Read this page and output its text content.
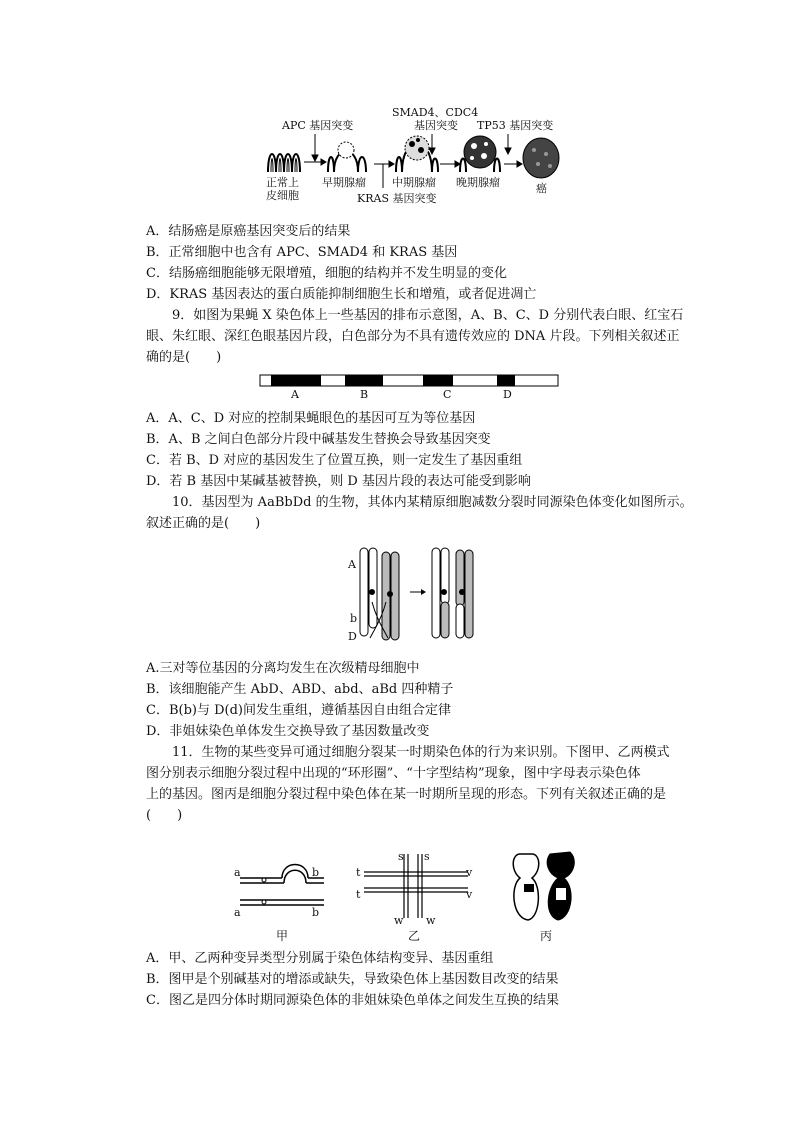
APC 基因突变
SMAD4、CDC4
基因突变 TP53 基因突变
正常上
皮细胞
早期腺瘤 中期腺瘤 晚期腺瘤	癌
KRAS 基因突变
A．结肠癌是原癌基因突变后的结果
B．正常细胞中也含有 APC、SMAD4 和 KRAS 基因
C．结肠癌细胞能够无限增殖，细胞的结构并不发生明显的变化
D．KRAS 基因表达的蛋白质能抑制细胞生长和增殖，或者促进凋亡
9．如图为果蝇 X 染色体上一些基因的排布示意图，A、B、C、D 分别代表白眼、红宝石
眼、朱红眼、深红色眼基因片段，白色部分为不具有遗传效应的 DNA 片段。下列相关叙述正
确的是(　　)
A	B	C	D
A．A、C、D 对应的控制果蝇眼色的基因可互为等位基因
B．A、B 之间白色部分片段中碱基发生替换会导致基因突变
C．若 B、D 对应的基因发生了位置互换，则一定发生了基因重组
D．若 B 基因中某碱基被替换，则 D 基因片段的表达可能受到影响
10．基因型为 AaBbDd 的生物，其体内某精原细胞减数分裂时同源染色体变化如图所示。
叙述正确的是(　　)
A
b
D
A.三对等位基因的分离均发生在次级精母细胞中
B．该细胞能产生 AbD、ABD、abd、aBd 四种精子
C．B(b)与 D(d)间发生重组，遵循基因自由组合定律
D．非姐妹染色单体发生交换导致了基因数量改变
11．生物的某些变异可通过细胞分裂某一时期染色体的行为来识别。下图甲、乙两模式
图分别表示细胞分裂过程中出现的“环形圈”、“十字型结构”现象，图中字母表示染色体
上的基因。图丙是细胞分裂过程中染色体在某一时期所呈现的形态。下列有关叙述正确的是
(　　)
a	b
a	b
s s
t	v
t	v
w w
甲	乙	丙
A．甲、乙两种变异类型分别属于染色体结构变异、基因重组
B．图甲是个别碱基对的增添或缺失，导致染色体上基因数目改变的结果
C．图乙是四分体时期同源染色体的非姐妹染色单体之间发生互换的结果
